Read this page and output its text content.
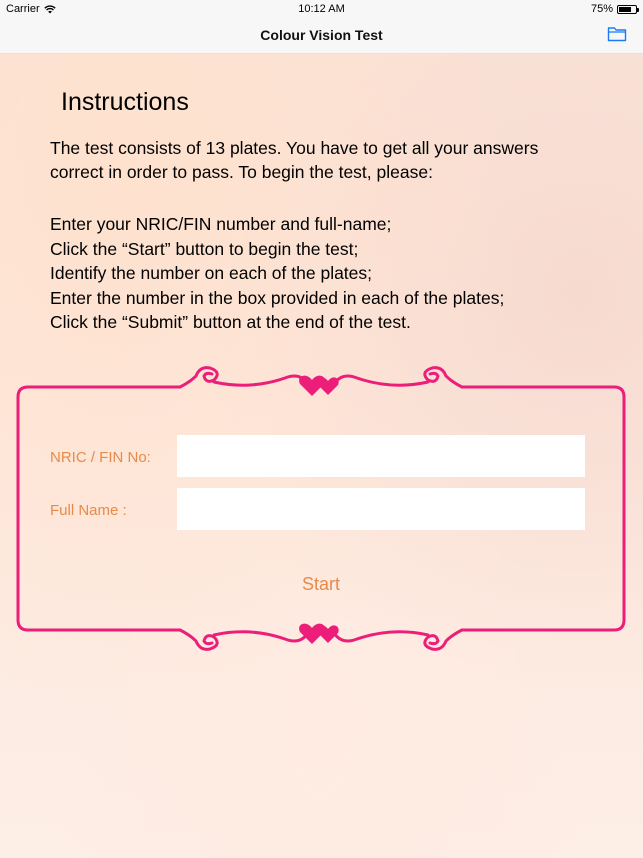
Carrier	10:12 AM	75%
Colour Vision Test
Instructions

The test consists of 13 plates. You have to get all your answers

correct in order to pass. To begin the test, please:

Enter your NRIC/FIN number and full-name;
Click the “Start” button to begin the test;
Identify the number on each of the plates;
Enter the number in the box provided in each of the plates;
Click the “Submit” button at the end of the test.
NRIC / FIN No:
Full Name :
Start
